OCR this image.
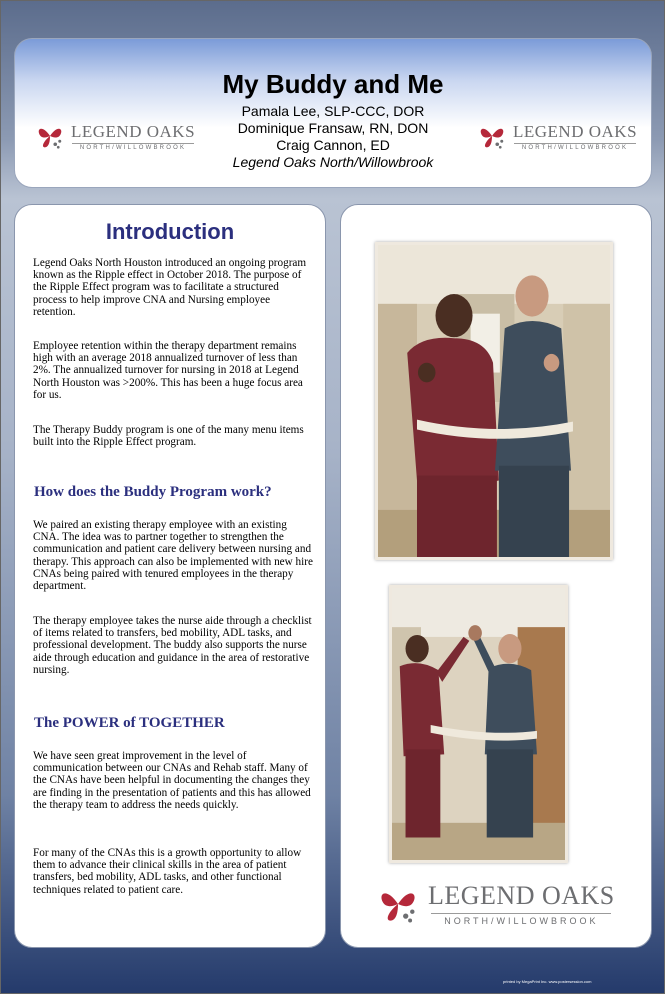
My Buddy and Me
Pamala Lee, SLP-CCC, DOR
Dominique Fransaw, RN, DON
Craig Cannon, ED
Legend Oaks North/Willowbrook
LEGEND OAKS
NORTH/WILLOWBROOK
LEGEND OAKS
NORTH/WILLOWBROOK
Introduction

Legend Oaks North Houston introduced an ongoing program known as the Ripple effect in October 2018. The purpose of the Ripple Effect program was to facilitate a structured process to help improve CNA and Nursing employee retention.

Employee retention within the therapy department remains high with an average 2018 annualized turnover of less than 2%. The annualized turnover for nursing in 2018 at Legend North Houston was >200%. This has been a huge focus area for us.

The Therapy Buddy program is one of the many menu items built into the Ripple Effect program.

How does the Buddy Program work?

We paired an existing therapy employee with an existing CNA. The idea was to partner together to strengthen the communication and patient care delivery between nursing and therapy. This approach can also be implemented with new hire CNAs being paired with tenured employees in the therapy department.

The therapy employee takes the nurse aide through a checklist of items related to transfers, bed mobility, ADL tasks, and professional development. The buddy also supports the nurse aide through education and guidance in the area of restorative nursing.

The POWER of TOGETHER

We have seen great improvement in the level of communication between our CNAs and Rehab staff. Many of the CNAs have been helpful in documenting the changes they are finding in the presentation of patients and this has allowed the therapy team to address the needs quickly.

For many of the CNAs this is a growth opportunity to allow them to advance their clinical skills in the area of patient transfers, bed mobility, ADL tasks, and other functional techniques related to patient care.	LEGEND OAKS
NORTH/WILLOWBROOK
printed by MegaPrint Inc. www.postersession.com
